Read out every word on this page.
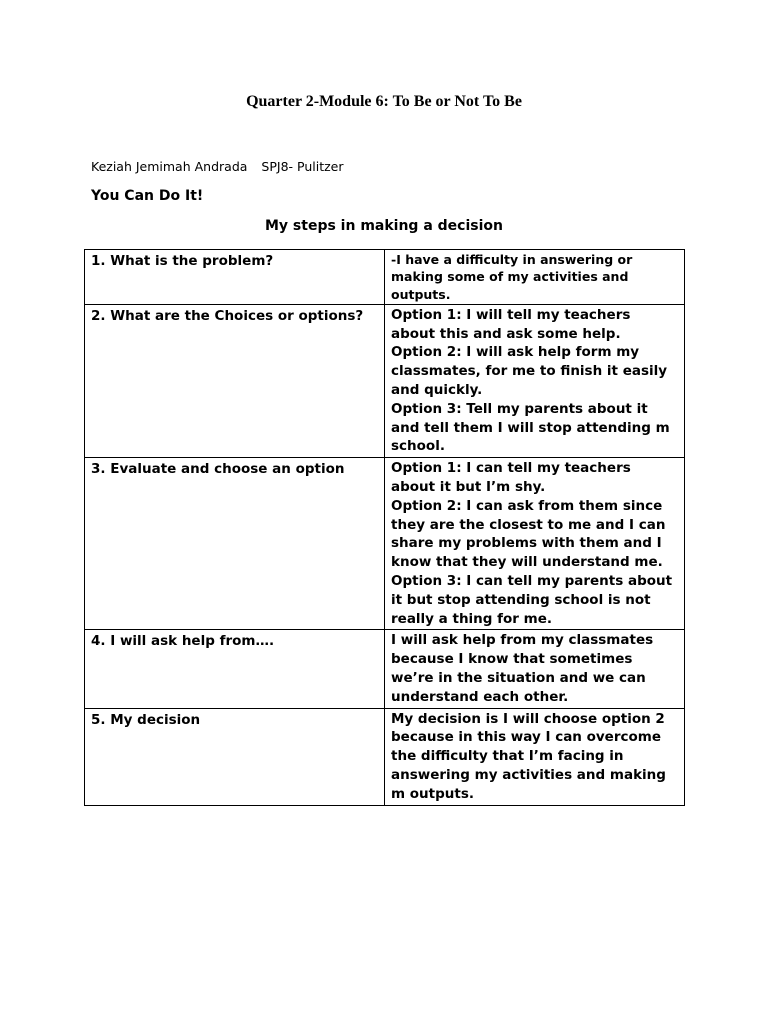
Quarter 2-Module 6: To Be or Not To Be

Keziah Jemimah Andrada SPJ8- Pulitzer

You Can Do It!
My steps in making a decision
1. What is the problem?	-I have a difficulty in answering or making some of my activities and outputs.

2. What are the Choices or options?	Option 1: I will tell my teachers about this and ask some help.
Option 2: I will ask help form my classmates, for me to finish it easily and quickly.
Option 3: Tell my parents about it and tell them I will stop attending m school.

3. Evaluate and choose an option	Option 1: I can tell my teachers about it but I’m shy.
Option 2: I can ask from them since they are the closest to me and I can share my problems with them and I know that they will understand me.
Option 3: I can tell my parents about it but stop attending school is not really a thing for me.

4. I will ask help from….	I will ask help from my classmates because I know that sometimes we’re in the situation and we can understand each other.

5. My decision	My decision is I will choose option 2 because in this way I can overcome the difficulty that I’m facing in answering my activities and making m outputs.
